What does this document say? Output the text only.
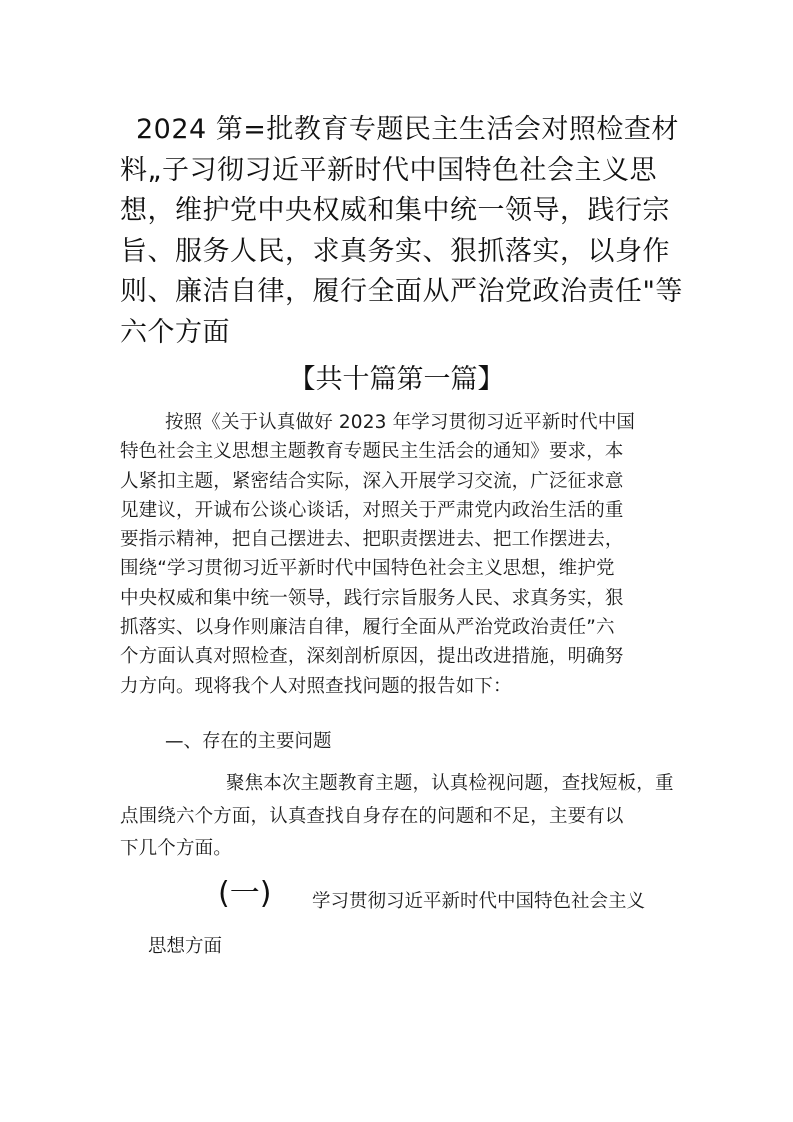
2024 第=批教育专题民主生活会对照检查材
料„子习彻习近平新时代中国特色社会主义思
想，维护党中央权威和集中统一领导，践行宗
旨、服务人民，求真务实、狠抓落实，以身作
则、廉洁自律，履行全面从严治党政治责任"等
六个方面
【共十篇第一篇】
按照《关于认真做好 2023 年学习贯彻习近平新时代中国
特色社会主义思想主题教育专题民主生活会的通知》要求，本
人紧扣主题，紧密结合实际，深入开展学习交流，广泛征求意
见建议，开诚布公谈心谈话，对照关于严肃党内政治生活的重
要指示精神，把自己摆进去、把职责摆进去、把工作摆进去，
围绕“学习贯彻习近平新时代中国特色社会主义思想，维护党
中央权威和集中统一领导，践行宗旨服务人民、求真务实，狠
抓落实、以身作则廉洁自律，履行全面从严治党政治责任”六
个方面认真对照检查，深刻剖析原因，提出改进措施，明确努
力方向。现将我个人对照查找问题的报告如下：
—、存在的主要问题
聚焦本次主题教育主题，认真检视问题，查找短板，重
点围绕六个方面，认真查找自身存在的问题和不足，主要有以
下几个方面。
(一) 学习贯彻习近平新时代中国特色社会主义
思想方面
